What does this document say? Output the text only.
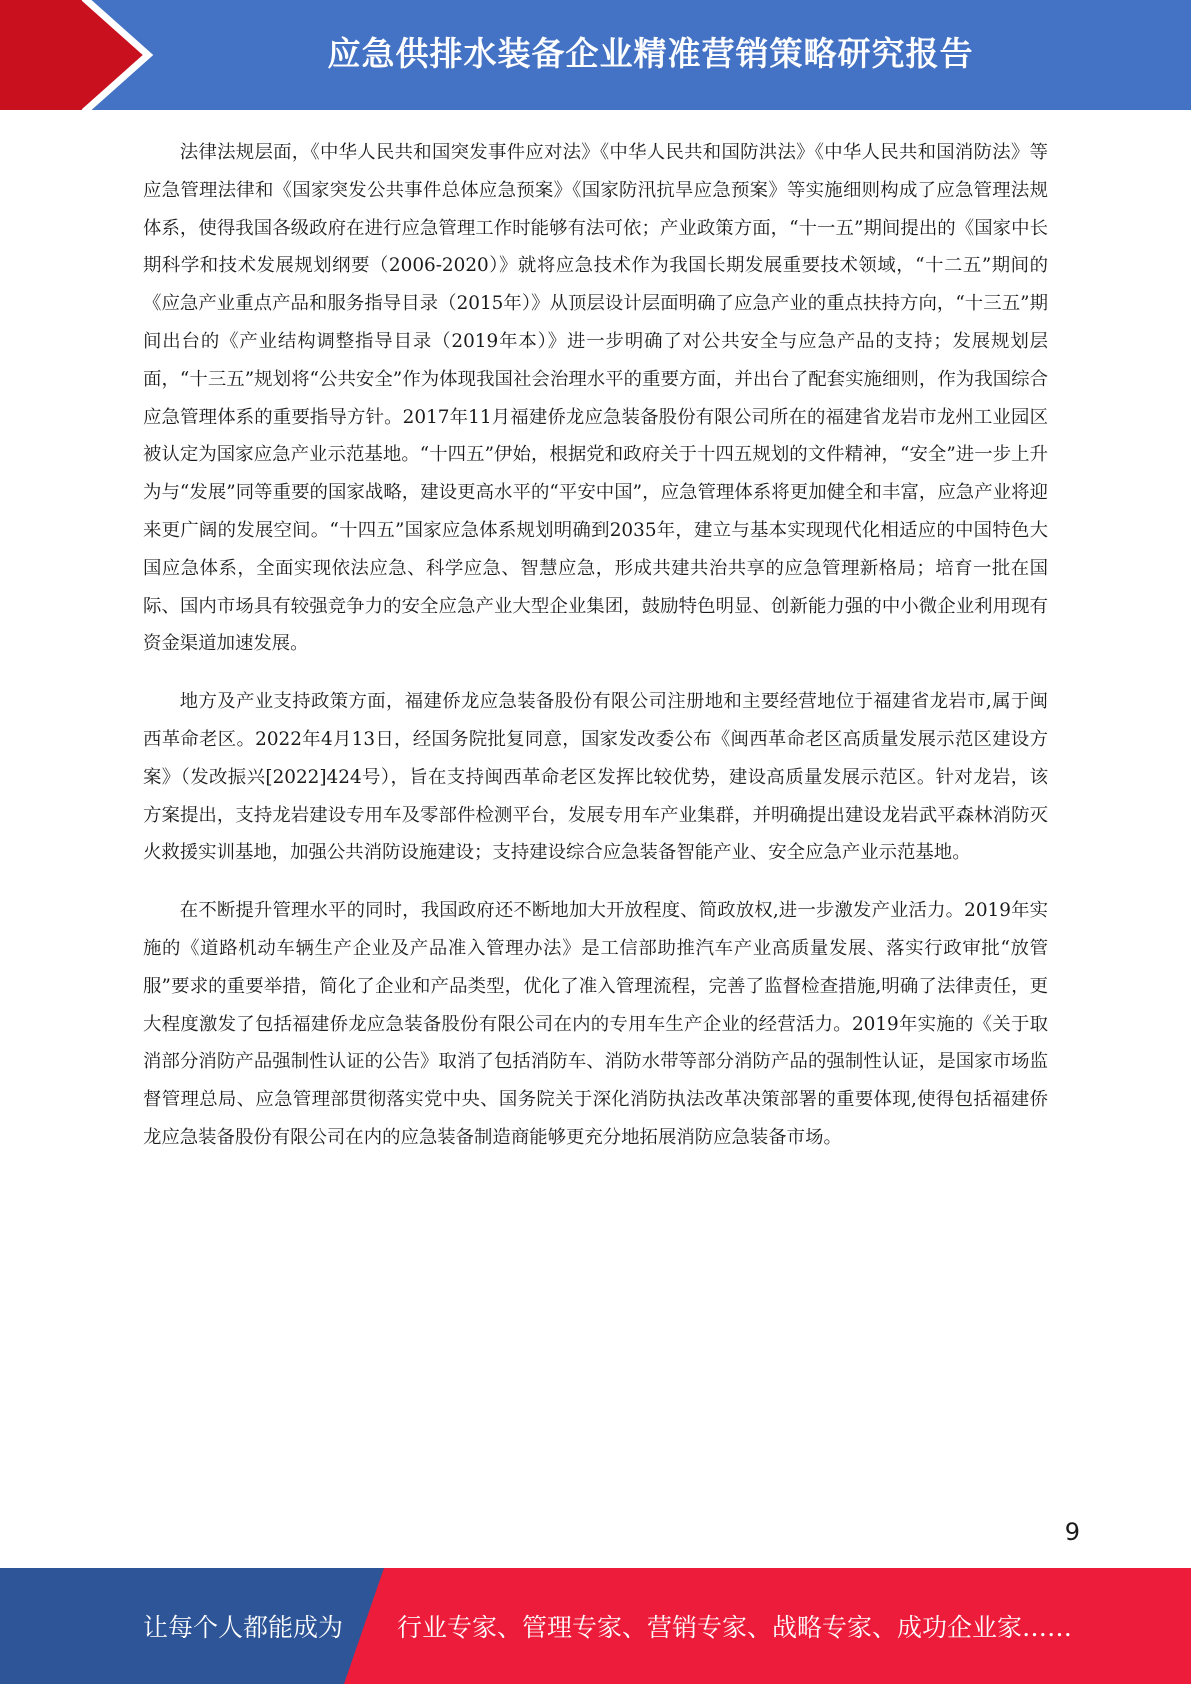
应急供排水装备企业精准营销策略研究报告

法律法规层面，《中华人民共和国突发事件应对法》《中华人民共和国防洪法》《中华人民共和国消防法》等应急管理法律和《国家突发公共事件总体应急预案》《国家防汛抗旱应急预案》等实施细则构成了应急管理法规体系，使得我国各级政府在进行应急管理工作时能够有法可依；产业政策方面，“十一五”期间提出的《国家中长期科学和技术发展规划纲要（2006-2020）》就将应急技术作为我国长期发展重要技术领域，“十二五”期间的《应急产业重点产品和服务指导目录（2015年）》从顶层设计层面明确了应急产业的重点扶持方向，“十三五”期间出台的《产业结构调整指导目录（2019年本）》进一步明确了对公共安全与应急产品的支持；发展规划层面，“十三五”规划将“公共安全”作为体现我国社会治理水平的重要方面，并出台了配套实施细则，作为我国综合应急管理体系的重要指导方针。2017年11月福建侨龙应急装备股份有限公司所在的福建省龙岩市龙州工业园区被认定为国家应急产业示范基地。“十四五”伊始，根据党和政府关于十四五规划的文件精神，“安全”进一步上升为与“发展”同等重要的国家战略，建设更高水平的“平安中国”，应急管理体系将更加健全和丰富，应急产业将迎来更广阔的发展空间。“十四五”国家应急体系规划明确到2035年，建立与基本实现现代化相适应的中国特色大国应急体系，全面实现依法应急、科学应急、智慧应急，形成共建共治共享的应急管理新格局；培育一批在国际、国内市场具有较强竞争力的安全应急产业大型企业集团，鼓励特色明显、创新能力强的中小微企业利用现有资金渠道加速发展。

地方及产业支持政策方面，福建侨龙应急装备股份有限公司注册地和主要经营地位于福建省龙岩市,属于闽西革命老区。2022年4月13日，经国务院批复同意，国家发改委公布《闽西革命老区高质量发展示范区建设方案》（发改振兴[2022]424号），旨在支持闽西革命老区发挥比较优势，建设高质量发展示范区。针对龙岩，该方案提出，支持龙岩建设专用车及零部件检测平台，发展专用车产业集群，并明确提出建设龙岩武平森林消防灭火救援实训基地，加强公共消防设施建设；支持建设综合应急装备智能产业、安全应急产业示范基地。

在不断提升管理水平的同时，我国政府还不断地加大开放程度、简政放权,进一步激发产业活力。2019年实施的《道路机动车辆生产企业及产品准入管理办法》是工信部助推汽车产业高质量发展、落实行政审批“放管服”要求的重要举措，简化了企业和产品类型，优化了准入管理流程，完善了监督检查措施,明确了法律责任，更大程度激发了包括福建侨龙应急装备股份有限公司在内的专用车生产企业的经营活力。2019年实施的《关于取消部分消防产品强制性认证的公告》取消了包括消防车、消防水带等部分消防产品的强制性认证，是国家市场监督管理总局、应急管理部贯彻落实党中央、国务院关于深化消防执法改革决策部署的重要体现,使得包括福建侨龙应急装备股份有限公司在内的应急装备制造商能够更充分地拓展消防应急装备市场。

9
让每个人都能成为 行业专家、管理专家、营销专家、战略专家、成功企业家……
